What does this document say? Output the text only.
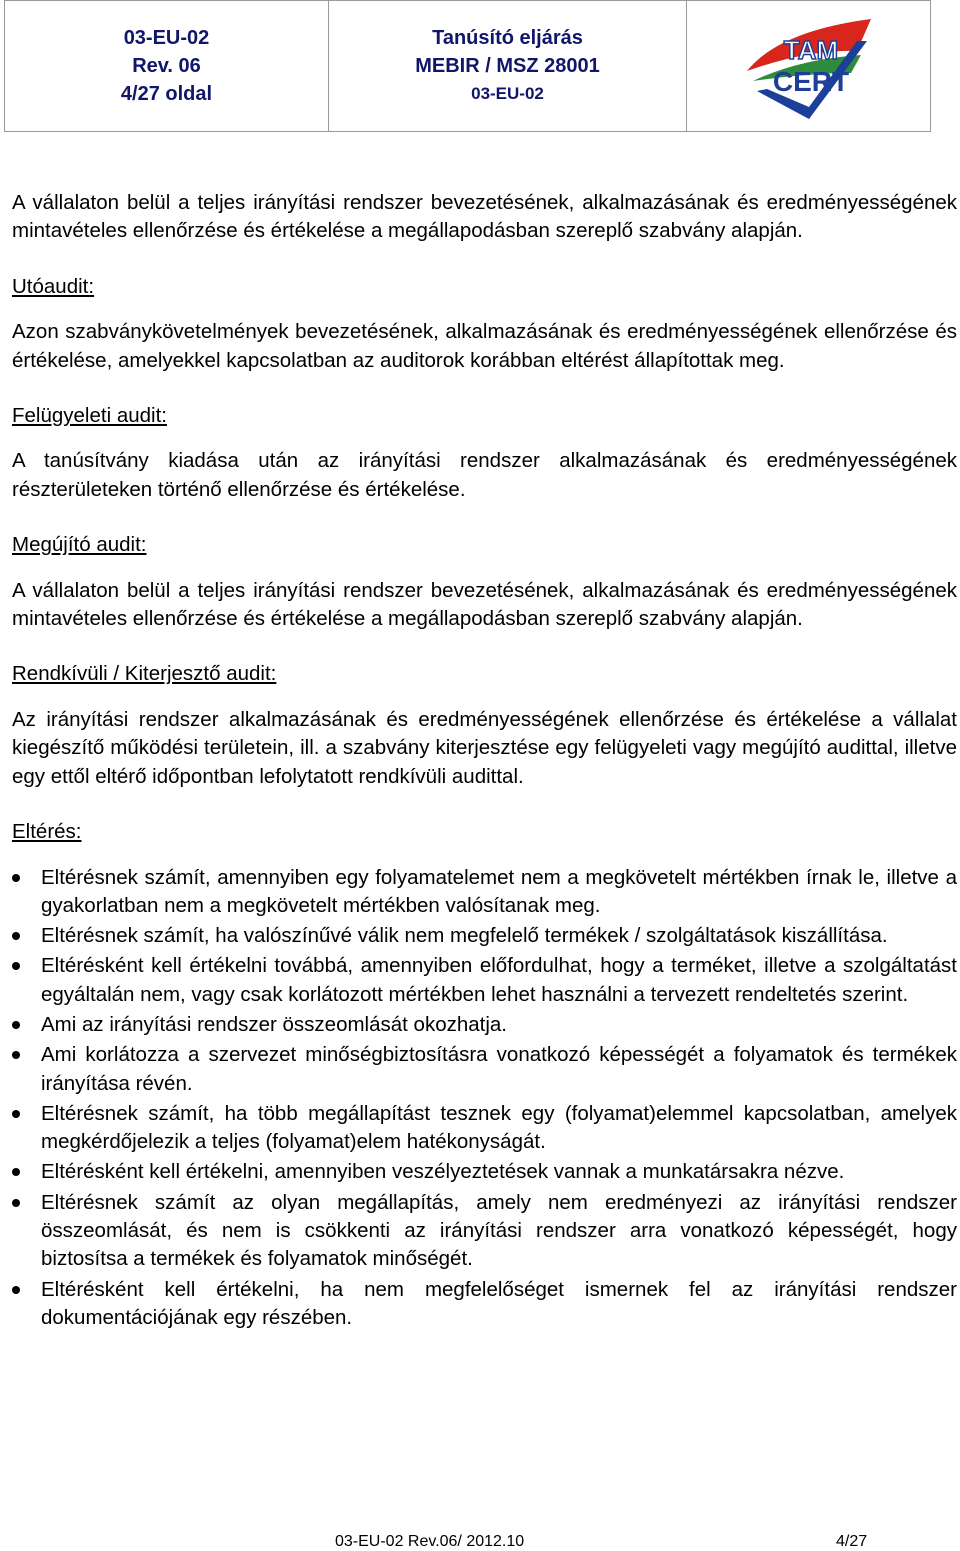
03-EU-02
Rev. 06
4/27 oldal
Tanúsító eljárás
MEBIR / MSZ 28001
03-EU-02
TAM
CERT

A vállalaton belül a teljes irányítási rendszer bevezetésének, alkalmazásának és eredményességének mintavételes ellenőrzése és értékelése a megállapodásban szereplő szabvány alapján.

Utóaudit:

Azon szabványkövetelmények bevezetésének, alkalmazásának és eredményességének ellenőrzése és értékelése, amelyekkel kapcsolatban az auditorok korábban eltérést állapítottak meg.

Felügyeleti audit:

A tanúsítvány kiadása után az irányítási rendszer alkalmazásának és eredményességének részterületeken történő ellenőrzése és értékelése.

Megújító audit:

A vállalaton belül a teljes irányítási rendszer bevezetésének, alkalmazásának és eredményességének mintavételes ellenőrzése és értékelése a megállapodásban szereplő szabvány alapján.

Rendkívüli / Kiterjesztő audit:

Az irányítási rendszer alkalmazásának és eredményességének ellenőrzése és értékelése a vállalat kiegészítő működési területein, ill. a szabvány kiterjesztése egy felügyeleti vagy megújító audittal, illetve egy ettől eltérő időpontban lefolytatott rendkívüli audittal.

Eltérés:

Eltérésnek számít, amennyiben egy folyamatelemet nem a megkövetelt mértékben írnak le, illetve a gyakorlatban nem a megkövetelt mértékben valósítanak meg.
Eltérésnek számít, ha valószínűvé válik nem megfelelő termékek / szolgáltatások kiszállítása.
Eltérésként kell értékelni továbbá, amennyiben előfordulhat, hogy a terméket, illetve a szolgáltatást egyáltalán nem, vagy csak korlátozott mértékben lehet használni a tervezett rendeltetés szerint.
Ami az irányítási rendszer összeomlását okozhatja.
Ami korlátozza a szervezet minőségbiztosításra vonatkozó képességét a folyamatok és termékek irányítása révén.
Eltérésnek számít, ha több megállapítást tesznek egy (folyamat)elemmel kapcsolatban, amelyek megkérdőjelezik a teljes (folyamat)elem hatékonyságát.
Eltérésként kell értékelni, amennyiben veszélyeztetések vannak a munkatársakra nézve.
Eltérésnek számít az olyan megállapítás, amely nem eredményezi az irányítási rendszer összeomlását, és nem is csökkenti az irányítási rendszer arra vonatkozó képességét, hogy biztosítsa a termékek és folyamatok minőségét.
Eltérésként kell értékelni, ha nem megfelelőséget ismernek fel az irányítási rendszer dokumentációjának egy részében.
03-EU-02 Rev.06/ 2012.10	4/27
